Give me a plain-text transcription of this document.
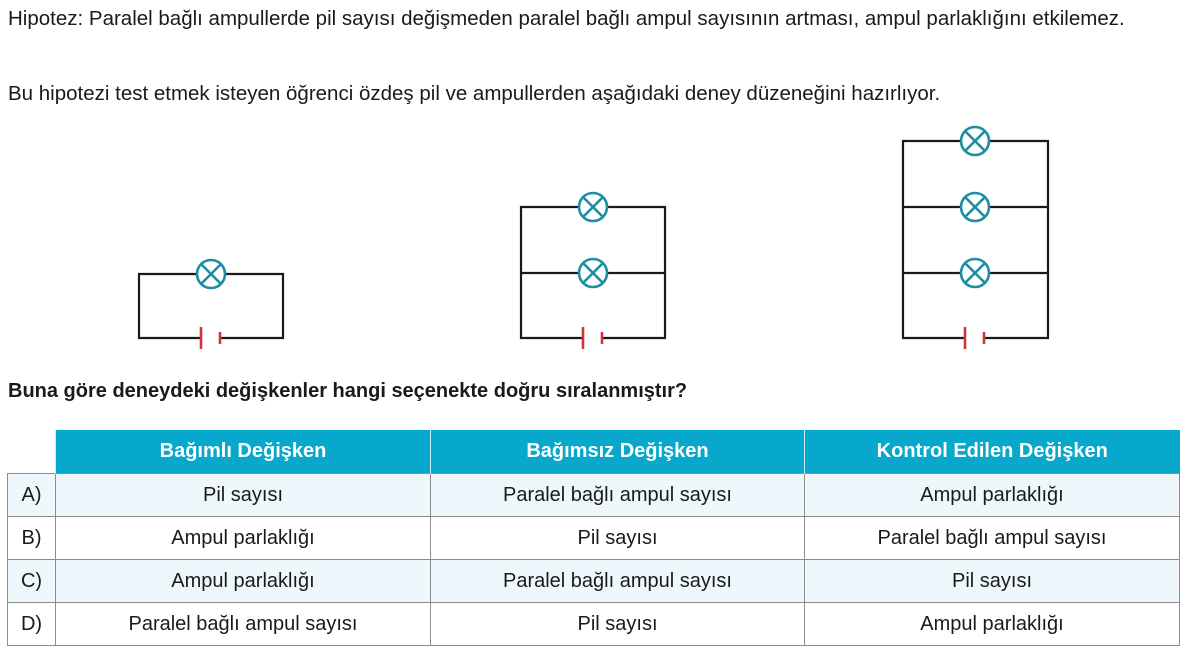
Hipotez: Paralel bağlı ampullerde pil sayısı değişmeden paralel bağlı ampul sayısının artması, ampul parlaklığını etkilemez.

Bu hipotezi test etmek isteyen öğrenci özdeş pil ve ampullerden aşağıdaki deney düzeneğini hazırlıyor.

Buna göre deneydeki değişkenler hangi seçenekte doğru sıralanmıştır?

	Bağımlı Değişken	Bağımsız Değişken	Kontrol Edilen Değişken
A)	Pil sayısı	Paralel bağlı ampul sayısı	Ampul parlaklığı
B)	Ampul parlaklığı	Pil sayısı	Paralel bağlı ampul sayısı
C)	Ampul parlaklığı	Paralel bağlı ampul sayısı	Pil sayısı
D)	Paralel bağlı ampul sayısı	Pil sayısı	Ampul parlaklığı
